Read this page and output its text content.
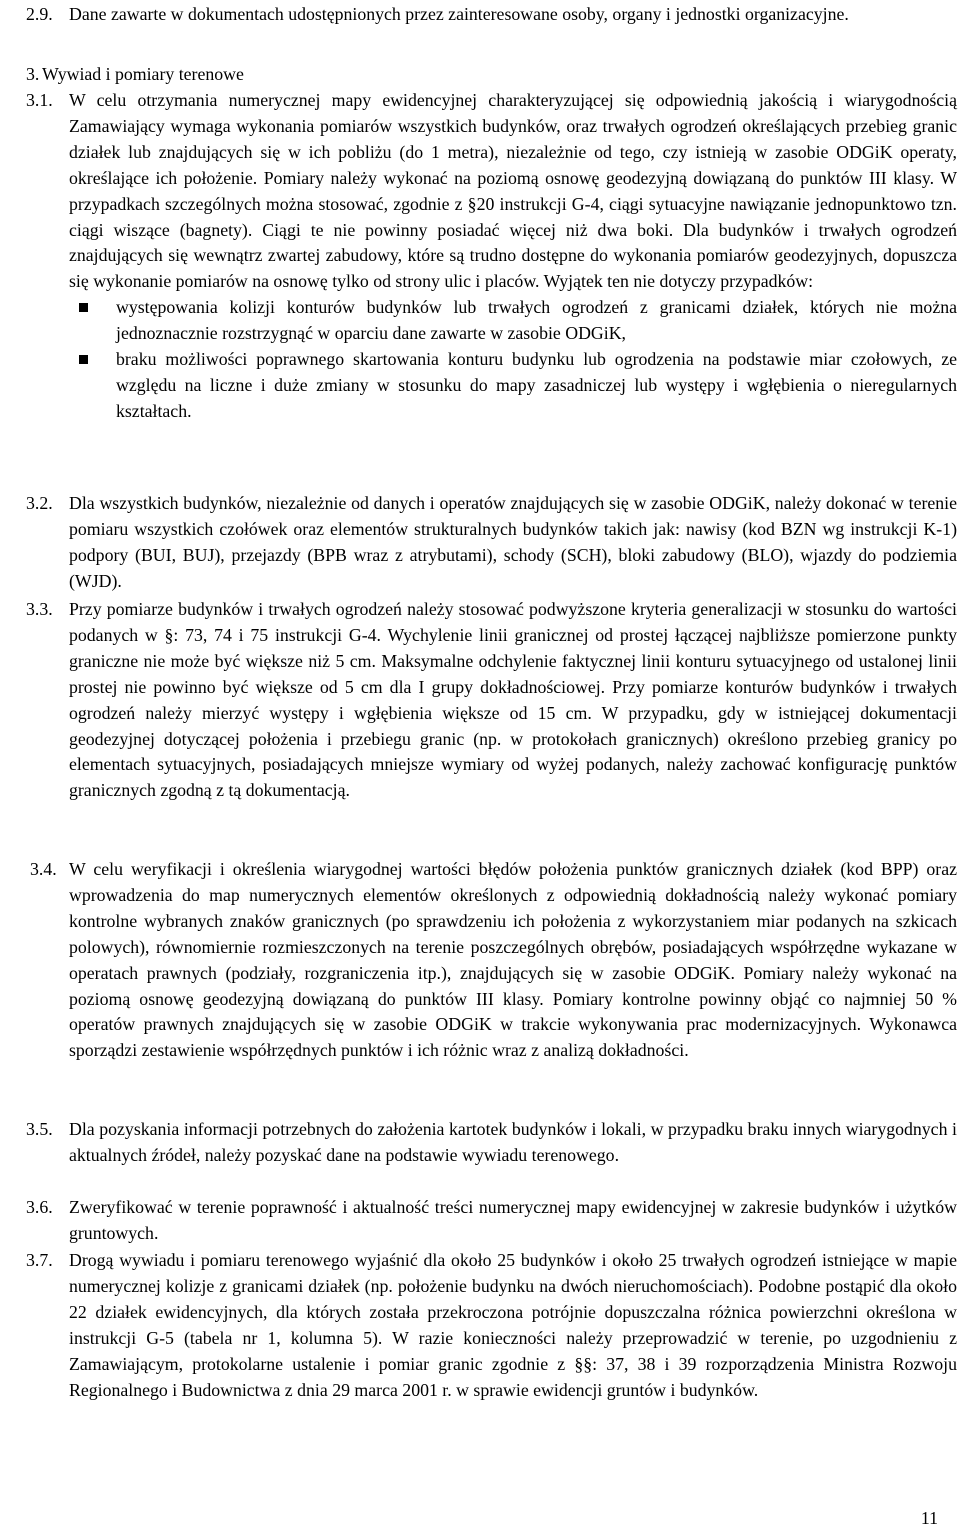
2.9. Dane zawarte w dokumentach udostępnionych przez zainteresowane osoby, organy i jednostki organizacyjne.

3. Wywiad i pomiary terenowe

3.1. W celu otrzymania numerycznej mapy ewidencyjnej charakteryzującej się odpowiednią jakością i wiarygodnością Zamawiający wymaga wykonania pomiarów wszystkich budynków, oraz trwałych ogrodzeń określających przebieg granic działek lub znajdujących się w ich pobliżu (do 1 metra), niezależnie od tego, czy istnieją w zasobie ODGiK operaty, określające ich położenie. Pomiary należy wykonać na poziomą osnowę geodezyjną dowiązaną do punktów III klasy. W przypadkach szczególnych można stosować, zgodnie z §20 instrukcji G-4, ciągi sytuacyjne nawiązanie jednopunktowo tzn. ciągi wiszące (bagnety). Ciągi te nie powinny posiadać więcej niż dwa boki. Dla budynków i trwałych ogrodzeń znajdujących się wewnątrz zwartej zabudowy, które są trudno dostępne do wykonania pomiarów geodezyjnych, dopuszcza się wykonanie pomiarów na osnowę tylko od strony ulic i placów. Wyjątek ten nie dotyczy przypadków:
występowania kolizji konturów budynków lub trwałych ogrodzeń z granicami działek, których nie można jednoznacznie rozstrzygnąć w oparciu dane zawarte w zasobie ODGiK,
braku możliwości poprawnego skartowania konturu budynku lub ogrodzenia na podstawie miar czołowych, ze względu na liczne i duże zmiany w stosunku do mapy zasadniczej lub występy i wgłębienia o nieregularnych kształtach.
3.2. Dla wszystkich budynków, niezależnie od danych i operatów znajdujących się w zasobie ODGiK, należy dokonać w terenie pomiaru wszystkich czołówek oraz elementów strukturalnych budynków takich jak: nawisy (kod BZN wg instrukcji K-1) podpory (BUI, BUJ), przejazdy (BPB wraz z atrybutami), schody (SCH), bloki zabudowy (BLO), wjazdy do podziemia (WJD).
3.3. Przy pomiarze budynków i trwałych ogrodzeń należy stosować podwyższone kryteria generalizacji w stosunku do wartości podanych w §: 73, 74 i 75 instrukcji G-4. Wychylenie linii granicznej od prostej łączącej najbliższe pomierzone punkty graniczne nie może być większe niż 5 cm. Maksymalne odchylenie faktycznej linii konturu sytuacyjnego od ustalonej linii prostej nie powinno być większe od 5 cm dla I grupy dokładnościowej. Przy pomiarze konturów budynków i trwałych ogrodzeń należy mierzyć występy i wgłębienia większe od 15 cm. W przypadku, gdy w istniejącej dokumentacji geodezyjnej dotyczącej położenia i przebiegu granic (np. w protokołach granicznych) określono przebieg granicy po elementach sytuacyjnych, posiadających mniejsze wymiary od wyżej podanych, należy zachować konfigurację punktów granicznych zgodną z tą dokumentacją.
3.4. W celu weryfikacji i określenia wiarygodnej wartości błędów położenia punktów granicznych działek (kod BPP) oraz wprowadzenia do map numerycznych elementów określonych z odpowiednią dokładnością należy wykonać pomiary kontrolne wybranych znaków granicznych (po sprawdzeniu ich położenia z wykorzystaniem miar podanych na szkicach polowych), równomiernie rozmieszczonych na terenie poszczególnych obrębów, posiadających współrzędne wykazane w operatach prawnych (podziały, rozgraniczenia itp.), znajdujących się w zasobie ODGiK. Pomiary należy wykonać na poziomą osnowę geodezyjną dowiązaną do punktów III klasy. Pomiary kontrolne powinny objąć co najmniej 50 % operatów prawnych znajdujących się w zasobie ODGiK w trakcie wykonywania prac modernizacyjnych. Wykonawca sporządzi zestawienie współrzędnych punktów i ich różnic wraz z analizą dokładności.
3.5. Dla pozyskania informacji potrzebnych do założenia kartotek budynków i lokali, w przypadku braku innych wiarygodnych i aktualnych źródeł, należy pozyskać dane na podstawie wywiadu terenowego.
3.6. Zweryfikować w terenie poprawność i aktualność treści numerycznej mapy ewidencyjnej w zakresie budynków i użytków gruntowych.
3.7. Drogą wywiadu i pomiaru terenowego wyjaśnić dla około 25 budynków i około 25 trwałych ogrodzeń istniejące w mapie numerycznej kolizje z granicami działek (np. położenie budynku na dwóch nieruchomościach). Podobne postąpić dla około 22 działek ewidencyjnych, dla których została przekroczona potrójnie dopuszczalna różnica powierzchni określona w instrukcji G-5 (tabela nr 1, kolumna 5). W razie konieczności należy przeprowadzić w terenie, po uzgodnieniu z Zamawiającym, protokolarne ustalenie i pomiar granic zgodnie z §§: 37, 38 i 39 rozporządzenia Ministra Rozwoju Regionalnego i Budownictwa z dnia 29 marca 2001 r. w sprawie ewidencji gruntów i budynków.

11
